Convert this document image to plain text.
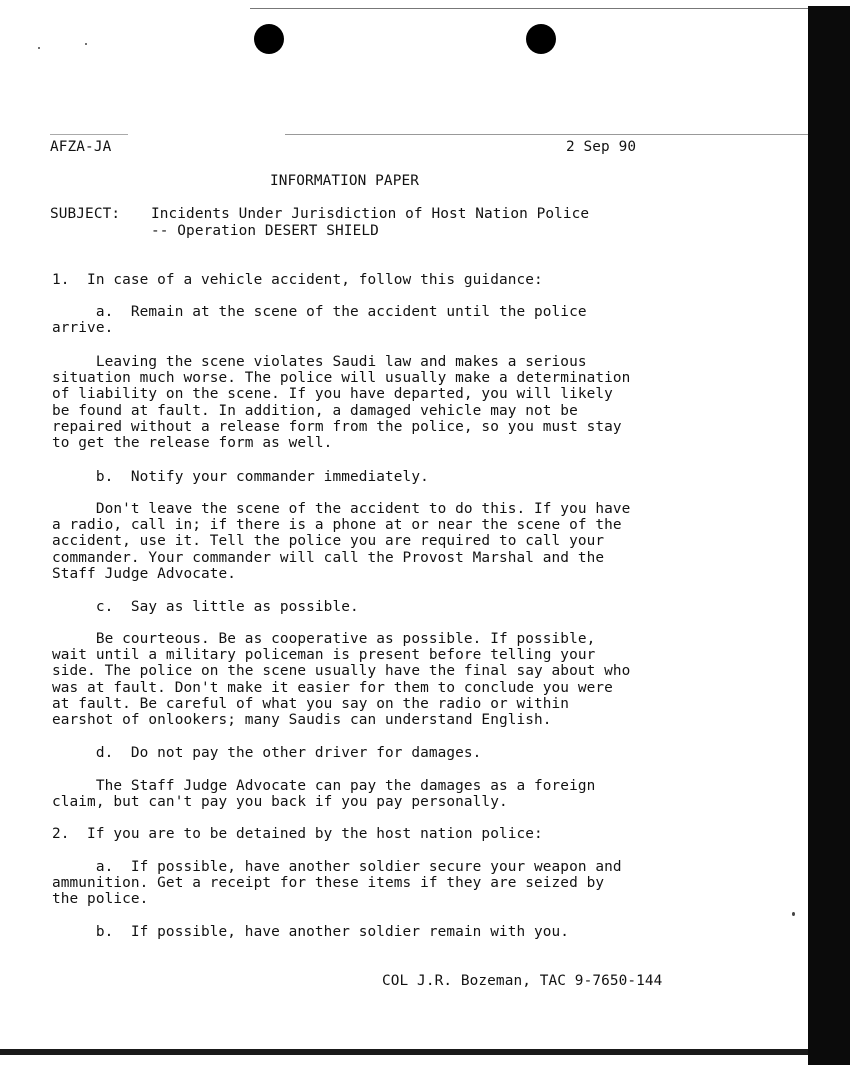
AFZA-JA	2 Sep 90
INFORMATION PAPER
SUBJECT: Incidents Under Jurisdiction of Host Nation Police
-- Operation DESERT SHIELD
1.  In case of a vehicle accident, follow this guidance:
a.  Remain at the scene of the accident until the police
arrive.
Leaving the scene violates Saudi law and makes a serious
situation much worse. The police will usually make a determination
of liability on the scene. If you have departed, you will likely
be found at fault. In addition, a damaged vehicle may not be
repaired without a release form from the police, so you must stay
to get the release form as well.
b.  Notify your commander immediately.
Don't leave the scene of the accident to do this. If you have
a radio, call in; if there is a phone at or near the scene of the
accident, use it. Tell the police you are required to call your
commander. Your commander will call the Provost Marshal and the
Staff Judge Advocate.
c.  Say as little as possible.
Be courteous. Be as cooperative as possible. If possible,
wait until a military policeman is present before telling your
side. The police on the scene usually have the final say about who
was at fault. Don't make it easier for them to conclude you were
at fault. Be careful of what you say on the radio or within
earshot of onlookers; many Saudis can understand English.
d.  Do not pay the other driver for damages.
The Staff Judge Advocate can pay the damages as a foreign
claim, but can't pay you back if you pay personally.
2.  If you are to be detained by the host nation police:
a.  If possible, have another soldier secure your weapon and
ammunition. Get a receipt for these items if they are seized by
the police.
b.  If possible, have another soldier remain with you.
COL J.R. Bozeman, TAC 9-7650-144
